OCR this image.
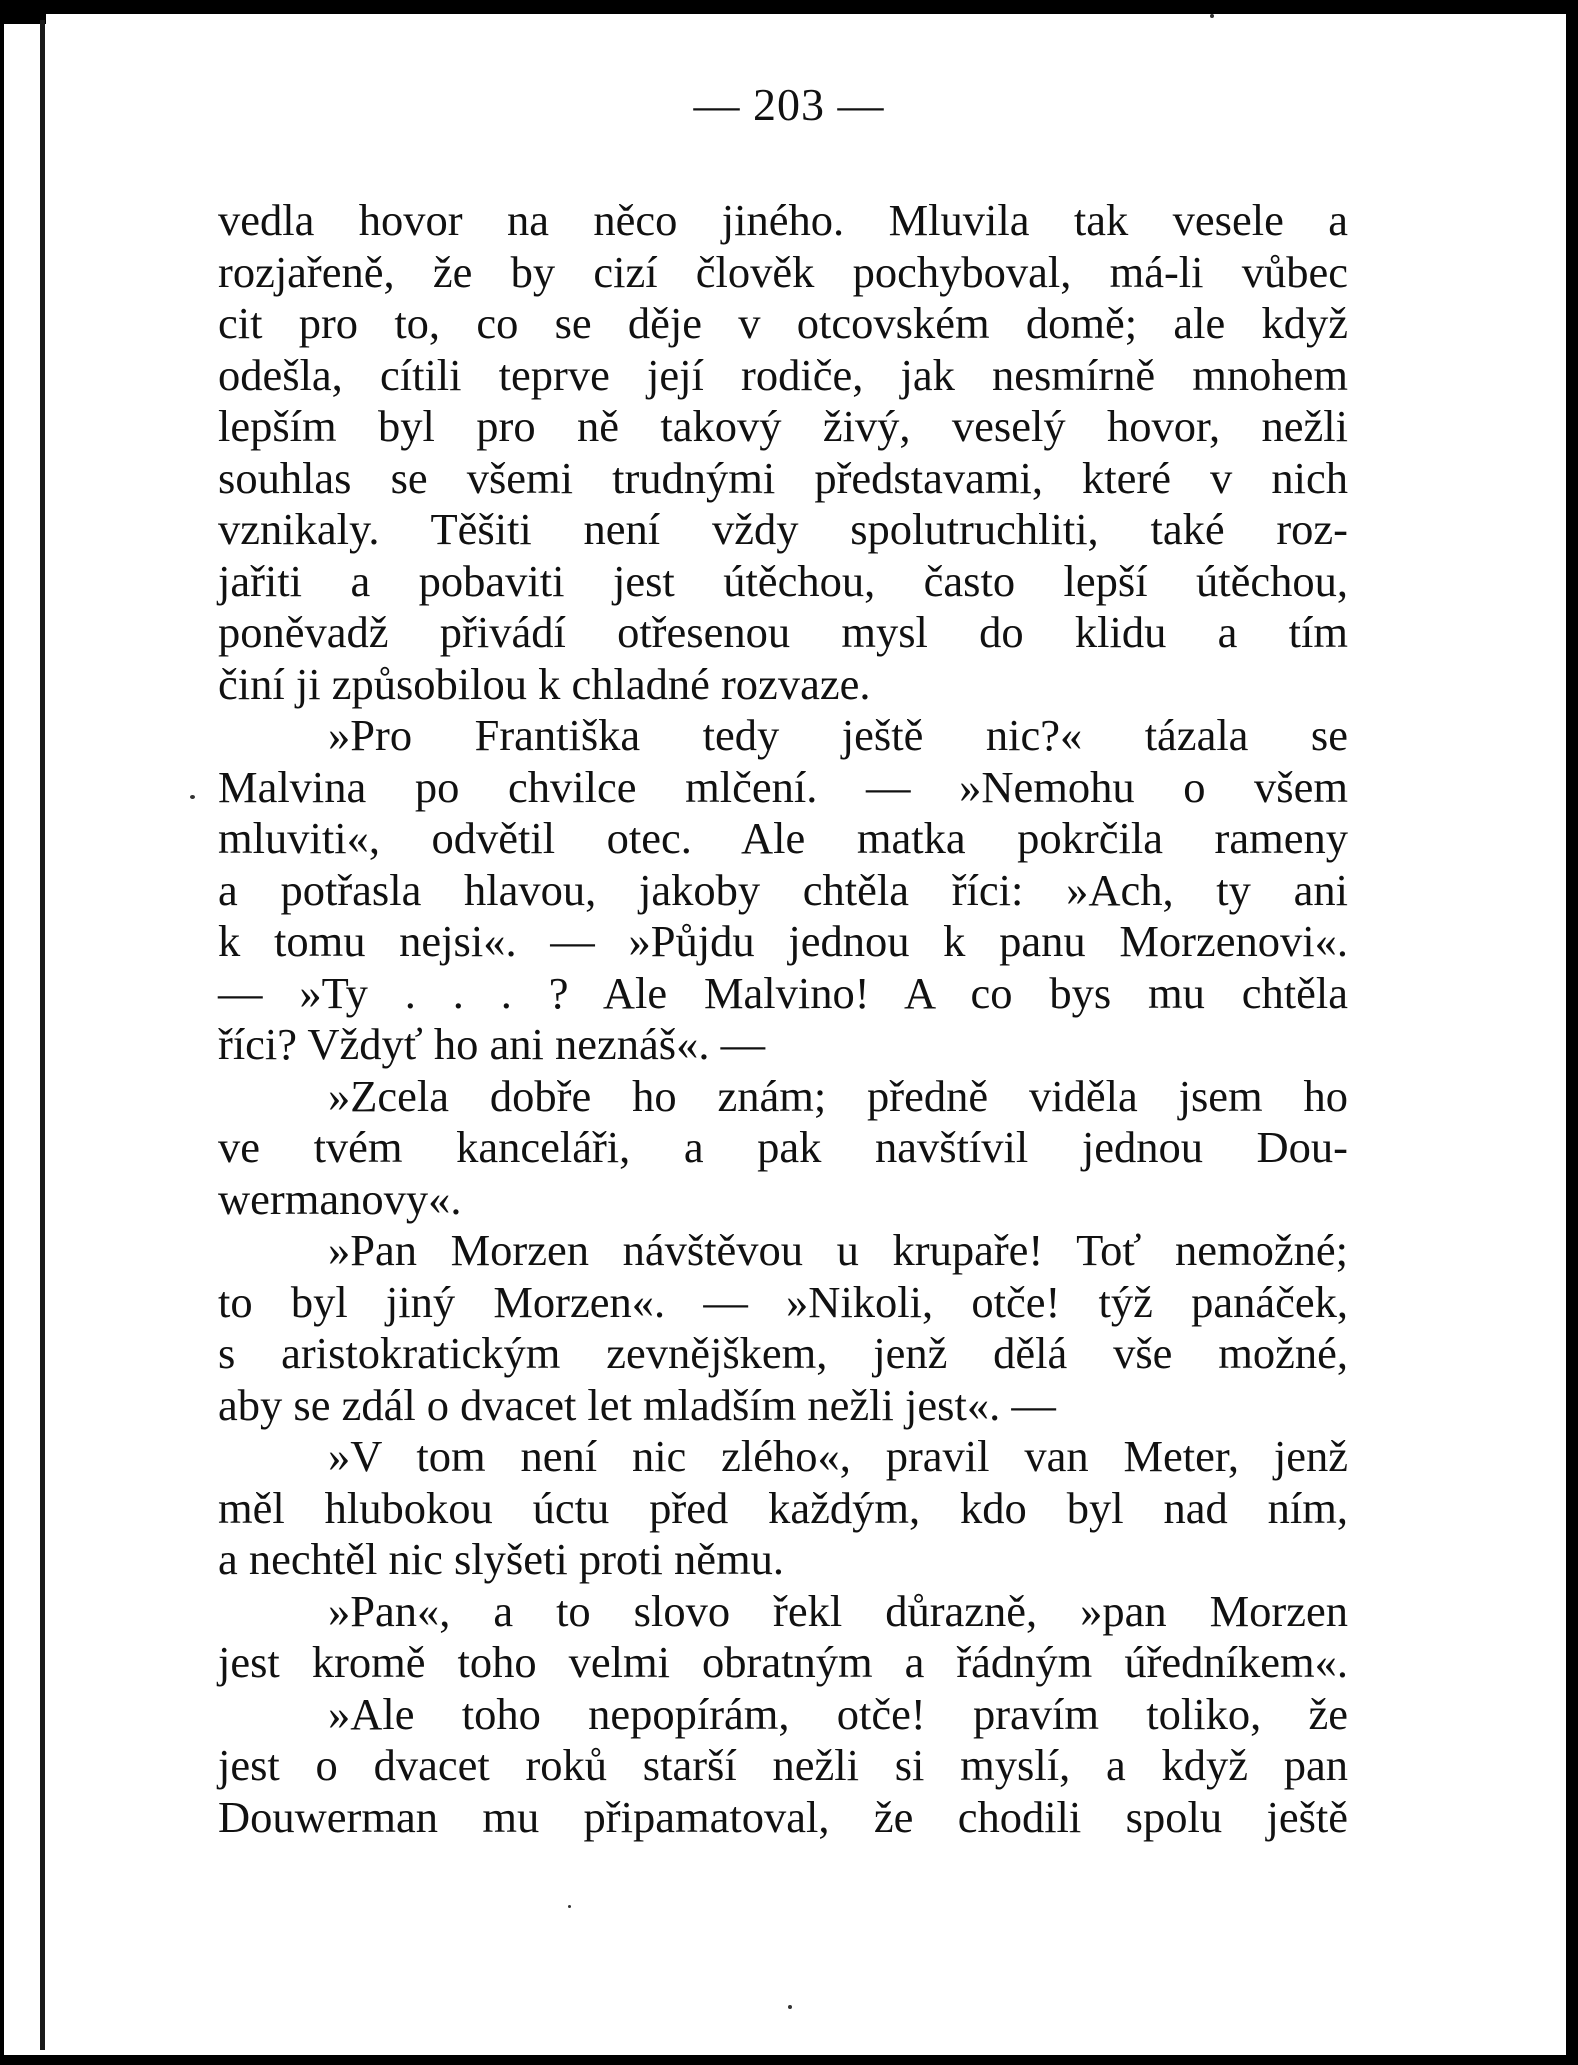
— 203 —
vedla hovor na něco jiného. Mluvila tak vesele a
rozjařeně, že by cizí člověk pochyboval, má-li vůbec
cit pro to, co se děje v otcovském domě; ale když
odešla, cítili teprve její rodiče, jak nesmírně mnohem
lepším byl pro ně takový živý, veselý hovor, nežli
souhlas se všemi trudnými představami, které v nich
vznikaly. Těšiti není vždy spolutruchliti, také roz-
jařiti a pobaviti jest útěchou, často lepší útěchou,
poněvadž přivádí otřesenou mysl do klidu a tím
činí ji způsobilou k chladné rozvaze.
»Pro Františka tedy ještě nic?« tázala se
Malvina po chvilce mlčení. — »Nemohu o všem
mluviti«, odvětil otec. Ale matka pokrčila rameny
a potřasla hlavou, jakoby chtěla říci: »Ach, ty ani
k tomu nejsi«. — »Půjdu jednou k panu Morzenovi«.
— »Ty . . . ? Ale Malvino! A co bys mu chtěla
říci? Vždyť ho ani neznáš«. —
»Zcela dobře ho znám; předně viděla jsem ho
ve tvém kanceláři, a pak navštívil jednou Dou-
wermanovy«.
»Pan Morzen návštěvou u krupaře! Toť nemožné;
to byl jiný Morzen«. — »Nikoli, otče! týž panáček,
s aristokratickým zevnějškem, jenž dělá vše možné,
aby se zdál o dvacet let mladším nežli jest«. —
»V tom není nic zlého«, pravil van Meter, jenž
měl hlubokou úctu před každým, kdo byl nad ním,
a nechtěl nic slyšeti proti němu.
»Pan«, a to slovo řekl důrazně, »pan Morzen
jest kromě toho velmi obratným a řádným úředníkem«.
»Ale toho nepopírám, otče! pravím toliko, že
jest o dvacet roků starší nežli si myslí, a když pan
Douwerman mu připamatoval, že chodili spolu ještě
